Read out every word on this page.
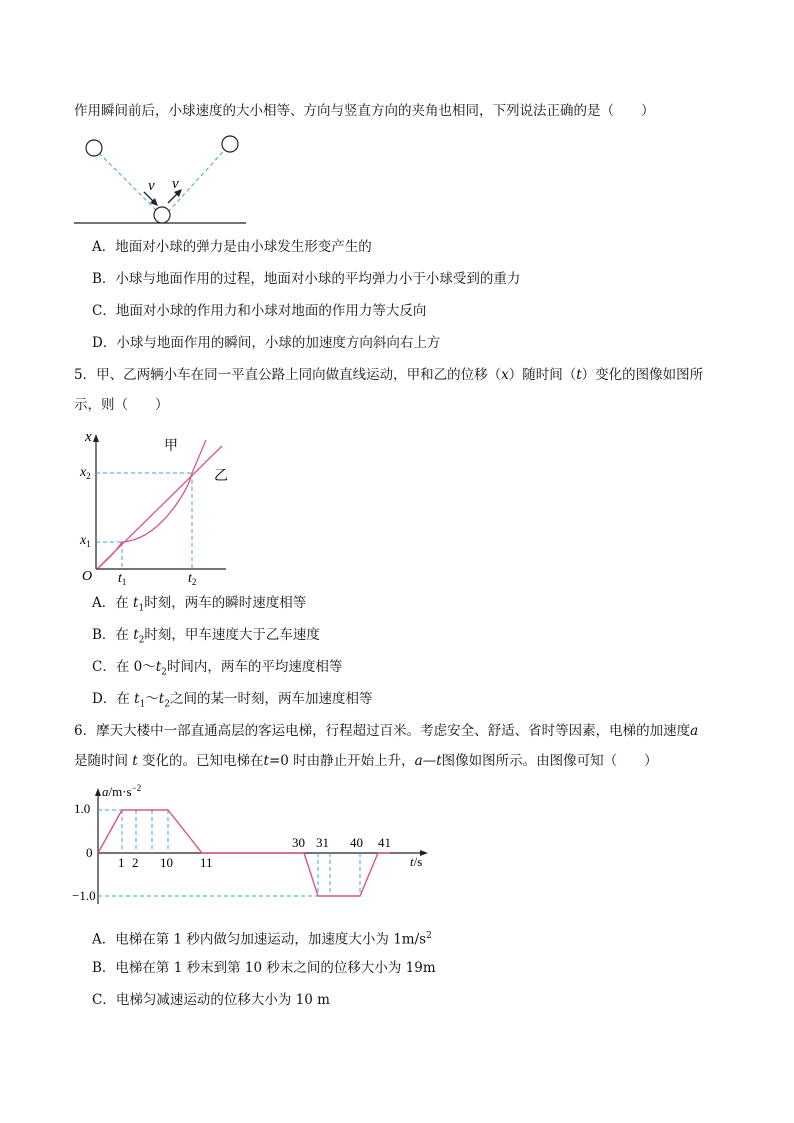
作用瞬间前后，小球速度的大小相等、方向与竖直方向的夹角也相同，下列说法正确的是（　　）
v v
A．地面对小球的弹力是由小球发生形变产生的
B．小球与地面作用的过程，地面对小球的平均弹力小于小球受到的重力
C．地面对小球的作用力和小球对地面的作用力等大反向
D．小球与地面作用的瞬间，小球的加速度方向斜向右上方
5．甲、乙两辆小车在同一平直公路上同向做直线运动，甲和乙的位移（x）随时间（t）变化的图像如图所
示，则（　　）
x
O
甲
乙
$x_2$
$x_1$
$t_1$	$t_2$
A．在 $t_1$时刻，两车的瞬时速度相等
B．在 $t_2$时刻，甲车速度大于乙车速度
C．在 $0\sim t_2$时间内，两车的平均速度相等
D．在 $t_1\sim t_2$之间的某一时刻，两车加速度相等
6．摩天大楼中一部直通高层的客运电梯，行程超过百米。考虑安全、舒适、省时等因素，电梯的加速度a
是随时间 t 变化的。已知电梯在t=0 时由静止开始上升，a—t图像如图所示。由图像可知（　　）
$a/m\cdot s^{-2}$
t/s
1.0
0
−1.0
1 2 10 11
30 31 40 41
A．电梯在第 1 秒内做匀加速运动，加速度大小为 $1m/s^2$
B．电梯在第 1 秒末到第 10 秒末之间的位移大小为 19m
C．电梯匀减速运动的位移大小为 10 m
